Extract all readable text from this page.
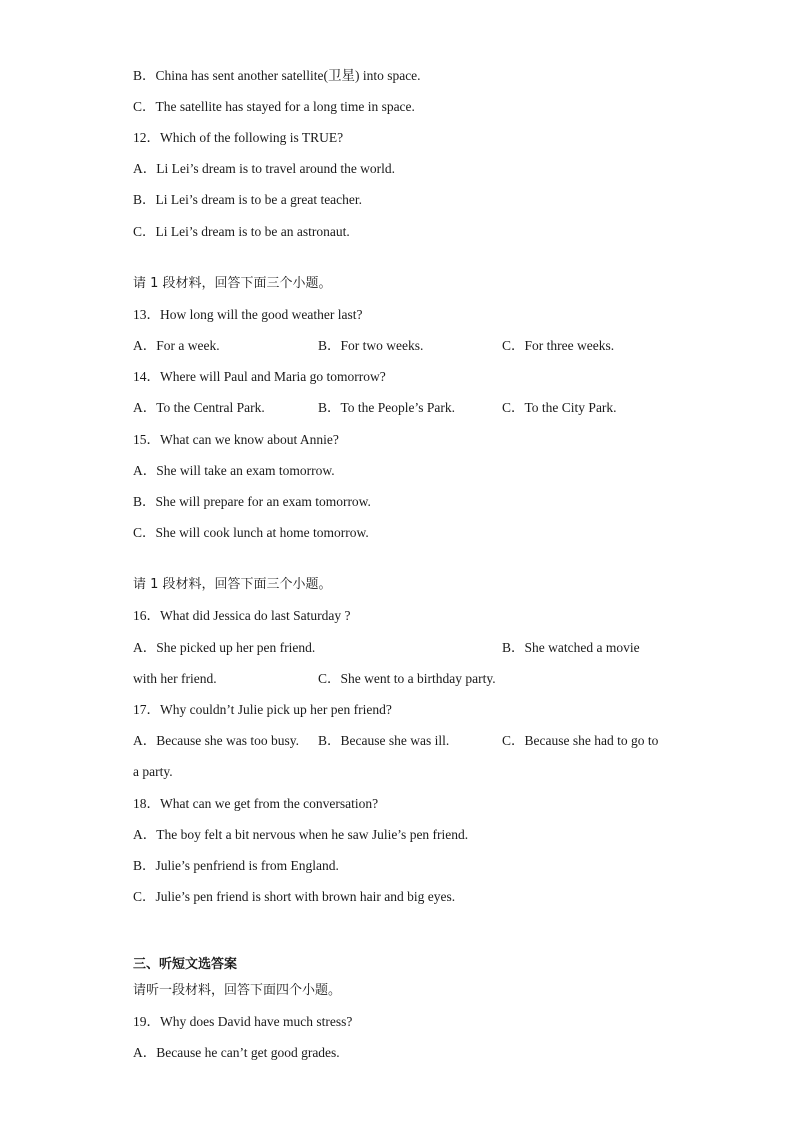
B．China has sent another satellite(卫星) into space.
C．The satellite has stayed for a long time in space.
12．Which of the following is TRUE?
A．Li Lei’s dream is to travel around the world.
B．Li Lei’s dream is to be a great teacher.
C．Li Lei’s dream is to be an astronaut.
请 1 段材料，回答下面三个小题。
13．How long will the good weather last?
A．For a week.	B．For two weeks.	C．For three weeks.
14．Where will Paul and Maria go tomorrow?
A．To the Central Park.	B．To the People’s Park.	C．To the City Park.
15．What can we know about Annie?
A．She will take an exam tomorrow.
B．She will prepare for an exam tomorrow.
C．She will cook lunch at home tomorrow.
请 1 段材料，回答下面三个小题。
16．What did Jessica do last Saturday ?
A．She picked up her pen friend.	B．She watched a movie
with her friend.	C．She went to a birthday party.
17．Why couldn’t Julie pick up her pen friend?
A．Because she was too busy. B．Because she was ill.	C．Because she had to go to
a party.
18．What can we get from the conversation?
A．The boy felt a bit nervous when he saw Julie’s pen friend.
B．Julie’s penfriend is from England.
C．Julie’s pen friend is short with brown hair and big eyes.
三、听短文选答案
请听一段材料，回答下面四个小题。
19．Why does David have much stress?
A．Because he can’t get good grades.
